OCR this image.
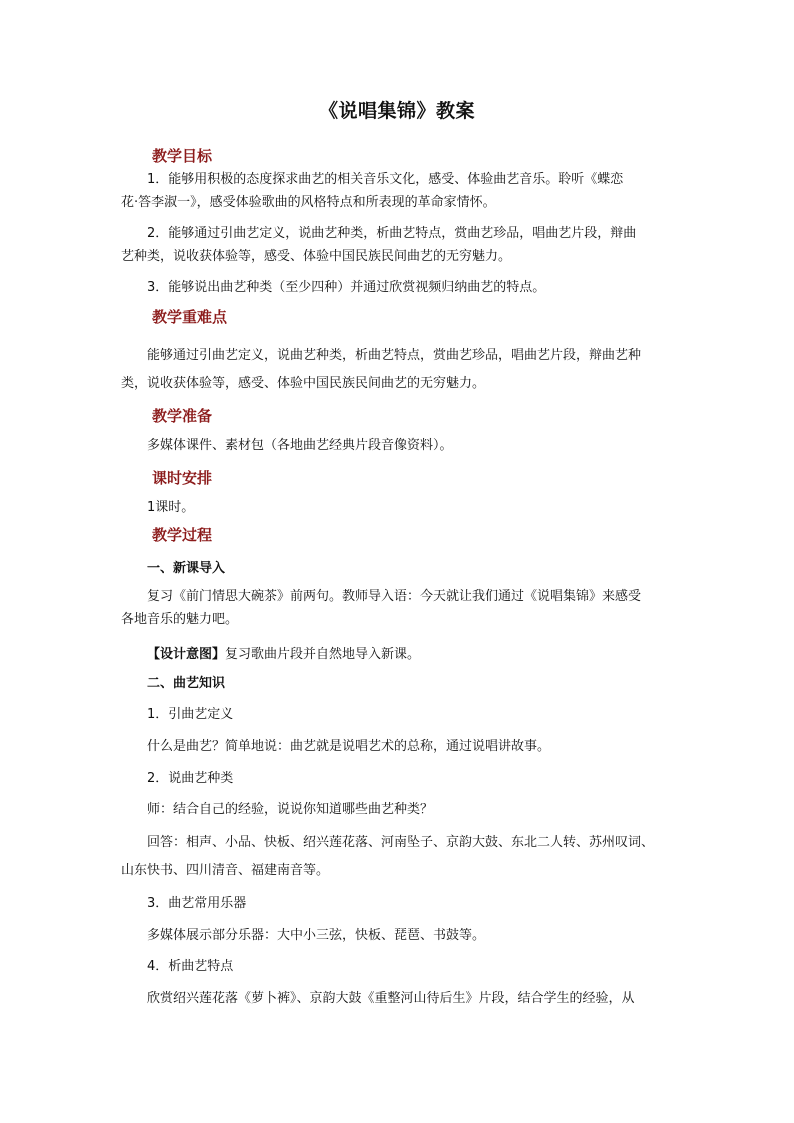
《说唱集锦》教案
教学目标
1．能够用积极的态度探求曲艺的相关音乐文化，感受、体验曲艺音乐。聆听《蝶恋
花·答李淑一》，感受体验歌曲的风格特点和所表现的革命家情怀。
2．能够通过引曲艺定义，说曲艺种类，析曲艺特点，赏曲艺珍品，唱曲艺片段，辩曲
艺种类，说收获体验等，感受、体验中国民族民间曲艺的无穷魅力。
3．能够说出曲艺种类（至少四种）并通过欣赏视频归纳曲艺的特点。
教学重难点
能够通过引曲艺定义，说曲艺种类，析曲艺特点，赏曲艺珍品，唱曲艺片段，辩曲艺种
类，说收获体验等，感受、体验中国民族民间曲艺的无穷魅力。
教学准备
多媒体课件、素材包（各地曲艺经典片段音像资料）。
课时安排
1课时。
教学过程
一、新课导入
复习《前门情思大碗茶》前两句。教师导入语：今天就让我们通过《说唱集锦》来感受
各地音乐的魅力吧。
【设计意图】复习歌曲片段并自然地导入新课。
二、曲艺知识
1．引曲艺定义
什么是曲艺？简单地说：曲艺就是说唱艺术的总称，通过说唱讲故事。
2．说曲艺种类
师：结合自己的经验，说说你知道哪些曲艺种类？
回答：相声、小品、快板、绍兴莲花落、河南坠子、京韵大鼓、东北二人转、苏州叹词、
山东快书、四川清音、福建南音等。
3．曲艺常用乐器
多媒体展示部分乐器：大中小三弦，快板、琵琶、书鼓等。
4．析曲艺特点
欣赏绍兴莲花落《萝卜裤》、京韵大鼓《重整河山待后生》片段，结合学生的经验，从
